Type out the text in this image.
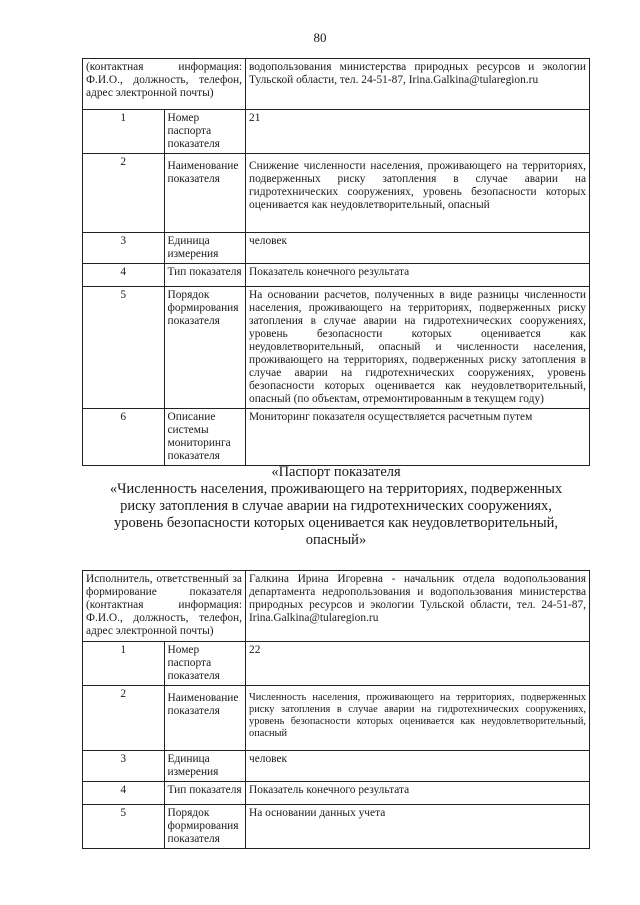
80
(контактная информация: Ф.И.О., должность, телефон, адрес электронной почты)		водопользования министерства природных ресурсов и экологии Тульской области, тел. 24-51-87, Irina.Galkina@tularegion.ru
1	Номер паспорта показателя	21
2	Наименование показателя	Снижение численности населения, проживающего на территориях, подверженных риску затопления в случае аварии на гидротехнических сооружениях, уровень безопасности которых оценивается как неудовлетворительный, опасный
3	Единица измерения	человек
4	Тип показателя	Показатель конечного результата
5	Порядок формирования показателя	На основании расчетов, полученных в виде разницы численности населения, проживающего на территориях, подверженных риску затопления в случае аварии на гидротехнических сооружениях, уровень безопасности которых оценивается как неудовлетворительный, опасный и численности населения, проживающего на территориях, подверженных риску затопления в случае аварии на гидротехнических сооружениях, уровень безопасности которых оценивается как неудовлетворительный, опасный (по объектам, отремонтированным в текущем году)
6	Описание системы мониторинга показателя	Мониторинг показателя осуществляется расчетным путем
«Паспорт показателя
«Численность населения, проживающего на территориях, подверженных
риску затопления в случае аварии на гидротехнических сооружениях,
уровень безопасности которых оценивается как неудовлетворительный,
опасный»
Исполнитель, ответственный за формирование показателя (контактная информация: Ф.И.О., должность, телефон, адрес электронной почты)		Галкина Ирина Игоревна - начальник отдела водопользования департамента недропользования и водопользования министерства природных ресурсов и экологии Тульской области, тел. 24-51-87, Irina.Galkina@tularegion.ru
1	Номер паспорта показателя	22
2	Наименование показателя	Численность населения, проживающего на территориях, подверженных риску затопления в случае аварии на гидротехнических сооружениях, уровень безопасности которых оценивается как неудовлетворительный, опасный
3	Единица измерения	человек
4	Тип показателя	Показатель конечного результата
5	Порядок формирования показателя	На основании данных учета
